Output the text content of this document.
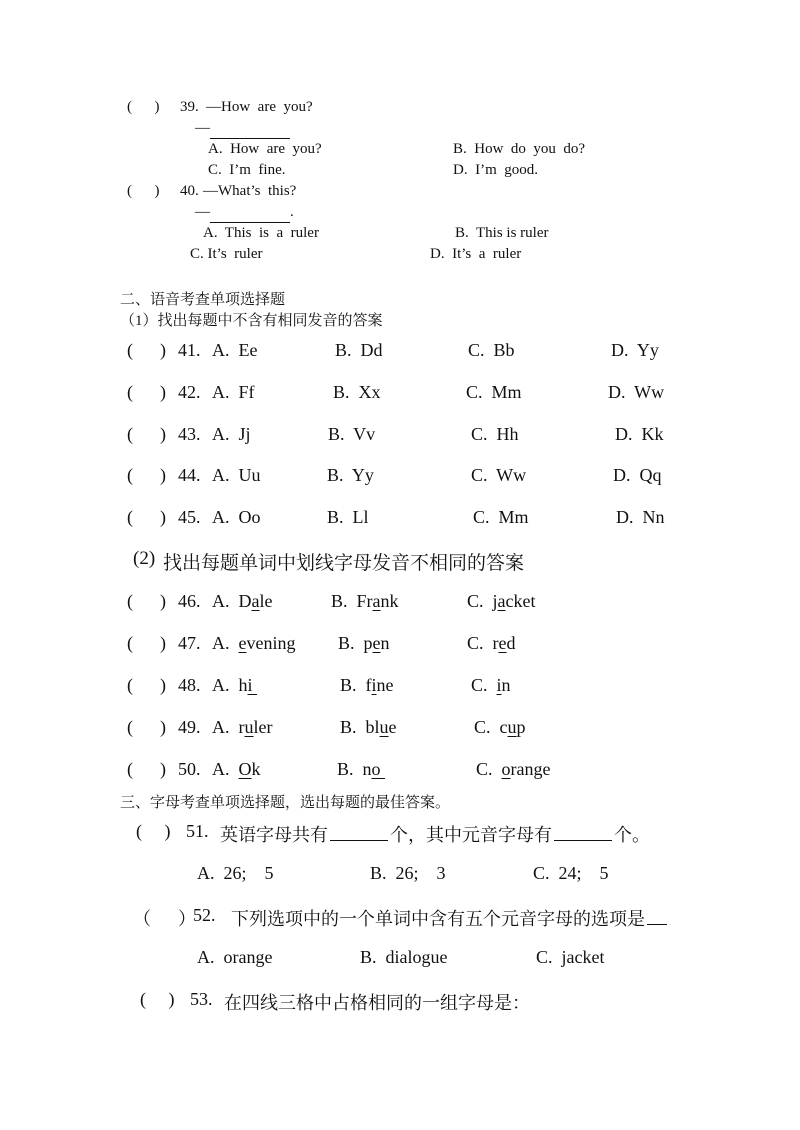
(      ) 39. —How  are  you?
—
A.  How  are  you?	B.  How  do  you  do?
C.  I’m  fine.	D.  I’m  good.
(      ) 40. —What’s  this?
—	.
A.  This  is  a  ruler	B.  This is ruler
C. It’s  ruler	D.  It’s  a  ruler
二、语音考查单项选择题
（1）找出每题中不含有相同发音的答案
(      ) 41. A.  Ee	B.  Dd	C.  Bb	D.  Yy
(      ) 42. A.  Ff	B.  Xx	C.  Mm	D.  Ww
(      ) 43. A.  Jj	B.  Vv	C.  Hh	D.  Kk
(      ) 44. A.  Uu	B.  Yy	C.  Ww	D.  Qq
(      ) 45. A.  Oo	B.  Ll	C.  Mm	D.  Nn
(2) 找出每题单词中划线字母发音不相同的答案
(      ) 46. A.  Dale	B.  Frank	C.  jacket
(      ) 47. A.  evening B.  pen	C.  red
(      ) 48. A.  hi	B.  fine	C.  in
(      ) 49. A.  ruler	B.  blue	C.  cup
(      ) 50. A.  Ok	B.  no	C.  orange
三、字母考查单项选择题，选出每题的最佳答案。
(     ) 51. 英语字母共有	个，其中元音字母有	个。
A.  26;    5	B.  26;    3	C.  24;    5
（      ）
52. 下列选项中的一个单词中含有五个元音字母的选项是
A.  orange	B.  dialogue	C.  jacket
(     ) 53. 在四线三格中占格相同的一组字母是：
